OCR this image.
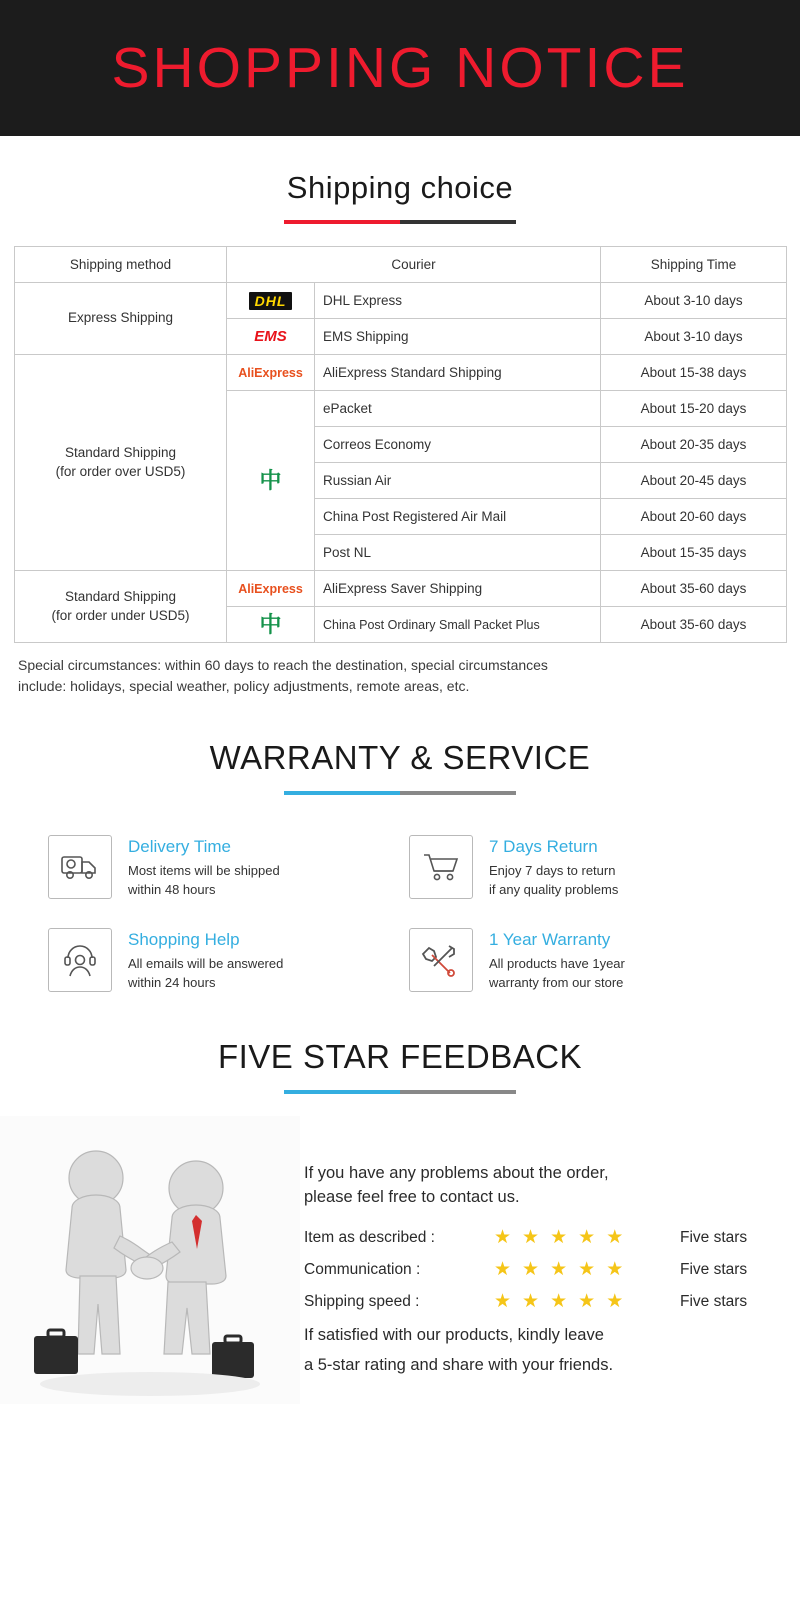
SHOPPING NOTICE
Shipping choice
Shipping method	Courier		Shipping Time
Express Shipping	DHL	DHL Express	About 3-10 days
	EMS	EMS Shipping	About 3-10 days

Standard Shipping
(for order over USD5)	AliExpress	AliExpress Standard Shipping	About 15-38 days
	中	ePacket	About 15-20 days
		Correos Economy	About 20-35 days
		Russian Air	About 20-45 days
		China Post Registered Air Mail	About 20-60 days
		Post NL	About 15-35 days

Standard Shipping
(for order under USD5)	AliExpress	AliExpress Saver Shipping	About 35-60 days
	中	China Post Ordinary Small Packet Plus	About 35-60 days
Special circumstances: within 60 days to reach the destination, special circumstances
include: holidays, special weather, policy adjustments, remote areas, etc.
WARRANTY & SERVICE
Delivery Time
Most items will be shipped
within 48 hours
7 Days Return
Enjoy 7 days to return
if any quality problems
Shopping Help
All emails will be answered
within 24 hours
1 Year Warranty
All products have 1year
warranty from our store
FIVE STAR FEEDBACK
If you have any problems about the order,
please feel free to contact us.
Item as described :	★ ★ ★ ★ ★	Five stars
Communication :	★ ★ ★ ★ ★	Five stars
Shipping speed :	★ ★ ★ ★ ★	Five stars
If satisfied with our products, kindly leave
a 5-star rating and share with your friends.
